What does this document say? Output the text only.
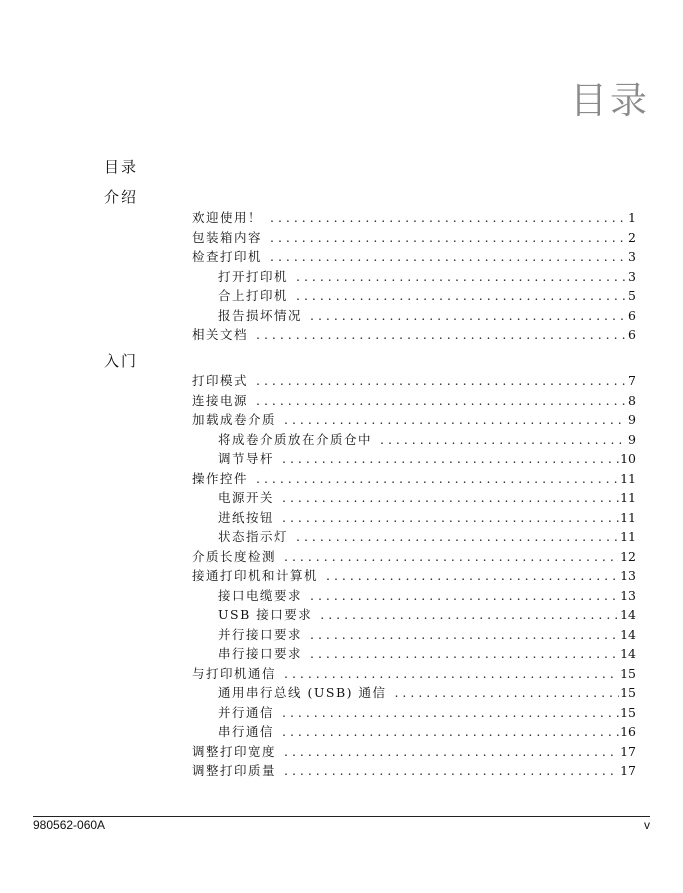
目录
目录
介绍
欢迎使用！ . . .	1
包装箱内容 . . .	2
检查打印机 . . .	3
打开打印机 . . .	3
合上打印机 . . .	5
报告损坏情况 . . .	6
相关文档 . . .	6
入门
打印模式 . . .	7
连接电源 . . .	8
加载成卷介质 . . .	9
将成卷介质放在介质仓中 . . .	9
调节导杆 . . .	10
操作控件 . . .	11
电源开关 . . .	11
进纸按钮 . . .	11
状态指示灯 . . .	11
介质长度检测 . . .	12
接通打印机和计算机 . . .	13
接口电缆要求 . . .	13
USB 接口要求 . . .	14
并行接口要求 . . .	14
串行接口要求 . . .	14
与打印机通信 . . .	15
通用串行总线 (USB) 通信 . . .	15
并行通信 . . .	15
串行通信 . . .	16
调整打印宽度 . . .	17
调整打印质量 . . .	17
980562-060A	v
